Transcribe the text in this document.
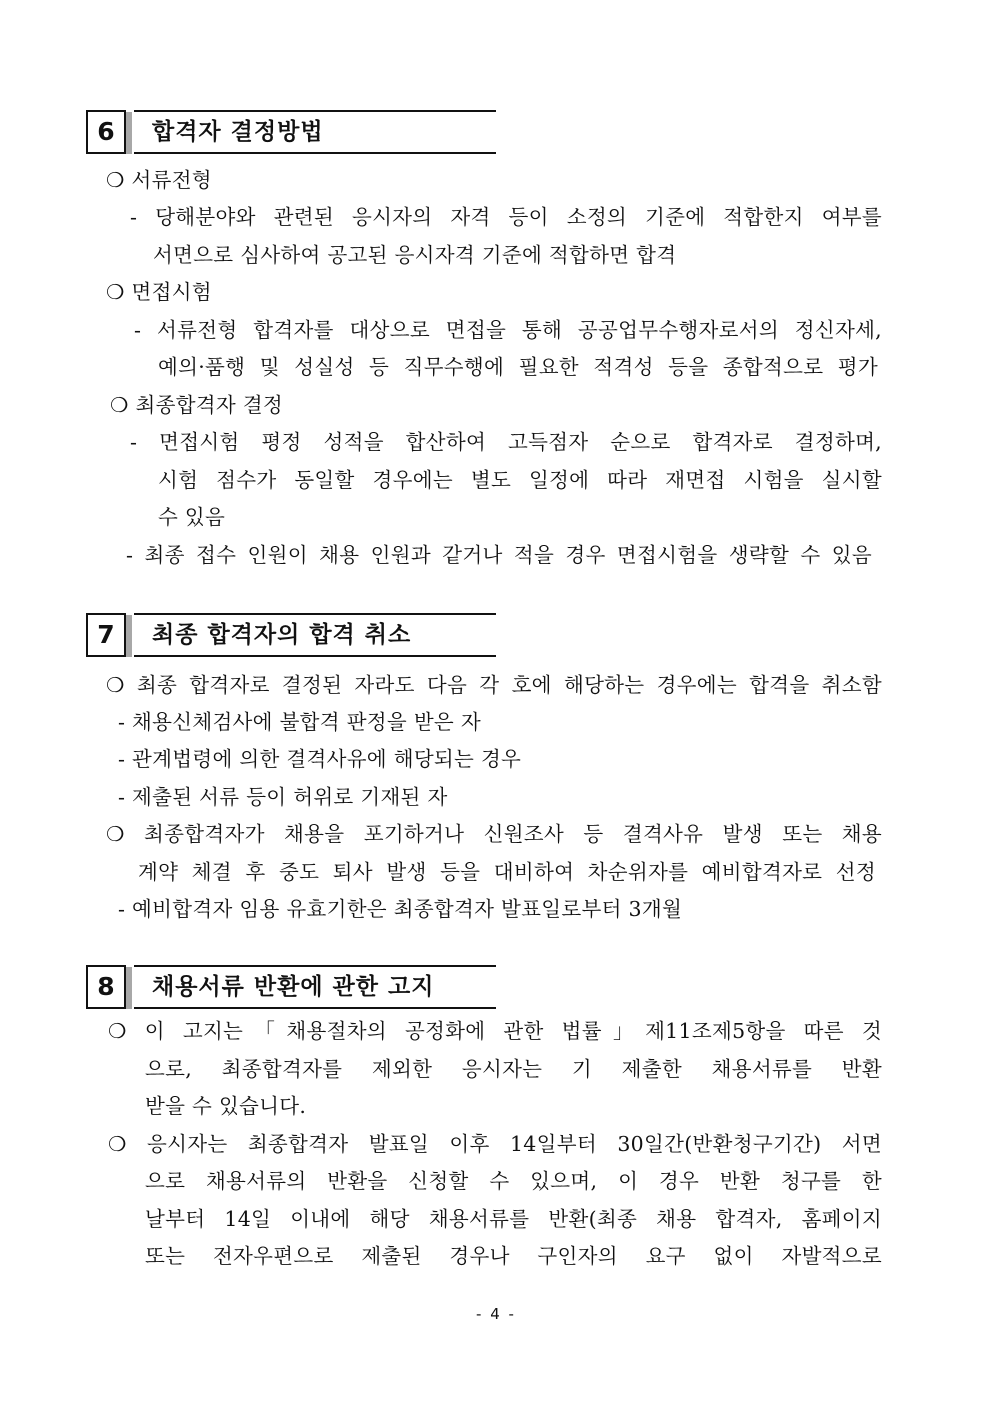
6	합격자 결정방법
❍ 서류전형
- 당해분야와 관련된 응시자의 자격 등이 소정의 기준에 적합한지 여부를
서면으로 심사하여 공고된 응시자격 기준에 적합하면 합격
❍ 면접시험
- 서류전형 합격자를 대상으로 면접을 통해 공공업무수행자로서의 정신자세,
예의·품행 및 성실성 등 직무수행에 필요한 적격성 등을 종합적으로 평가
❍ 최종합격자 결정
- 면접시험 평정 성적을 합산하여 고득점자 순으로 합격자로 결정하며,
시험 점수가 동일할 경우에는 별도 일정에 따라 재면접 시험을 실시할
수 있음
- 최종 접수 인원이 채용 인원과 같거나 적을 경우 면접시험을 생략할 수 있음
7	최종 합격자의 합격 취소
❍ 최종 합격자로 결정된 자라도 다음 각 호에 해당하는 경우에는 합격을 취소함
- 채용신체검사에 불합격 판정을 받은 자
- 관계법령에 의한 결격사유에 해당되는 경우
- 제출된 서류 등이 허위로 기재된 자
❍ 최종합격자가 채용을 포기하거나 신원조사 등 결격사유 발생 또는 채용
계약 체결 후 중도 퇴사 발생 등을 대비하여 차순위자를 예비합격자로 선정
- 예비합격자 임용 유효기한은 최종합격자 발표일로부터 3개월
8	채용서류 반환에 관한 고지
❍ 이 고지는「채용절차의 공정화에 관한 법률」제11조제5항을 따른 것
으로, 최종합격자를 제외한 응시자는 기 제출한 채용서류를 반환
받을 수 있습니다.
❍ 응시자는 최종합격자 발표일 이후 14일부터 30일간(반환청구기간) 서면
으로 채용서류의 반환을 신청할 수 있으며, 이 경우 반환 청구를 한
날부터 14일 이내에 해당 채용서류를 반환(최종 채용 합격자, 홈페이지
또는 전자우편으로 제출된 경우나 구인자의 요구 없이 자발적으로
- 4 -
